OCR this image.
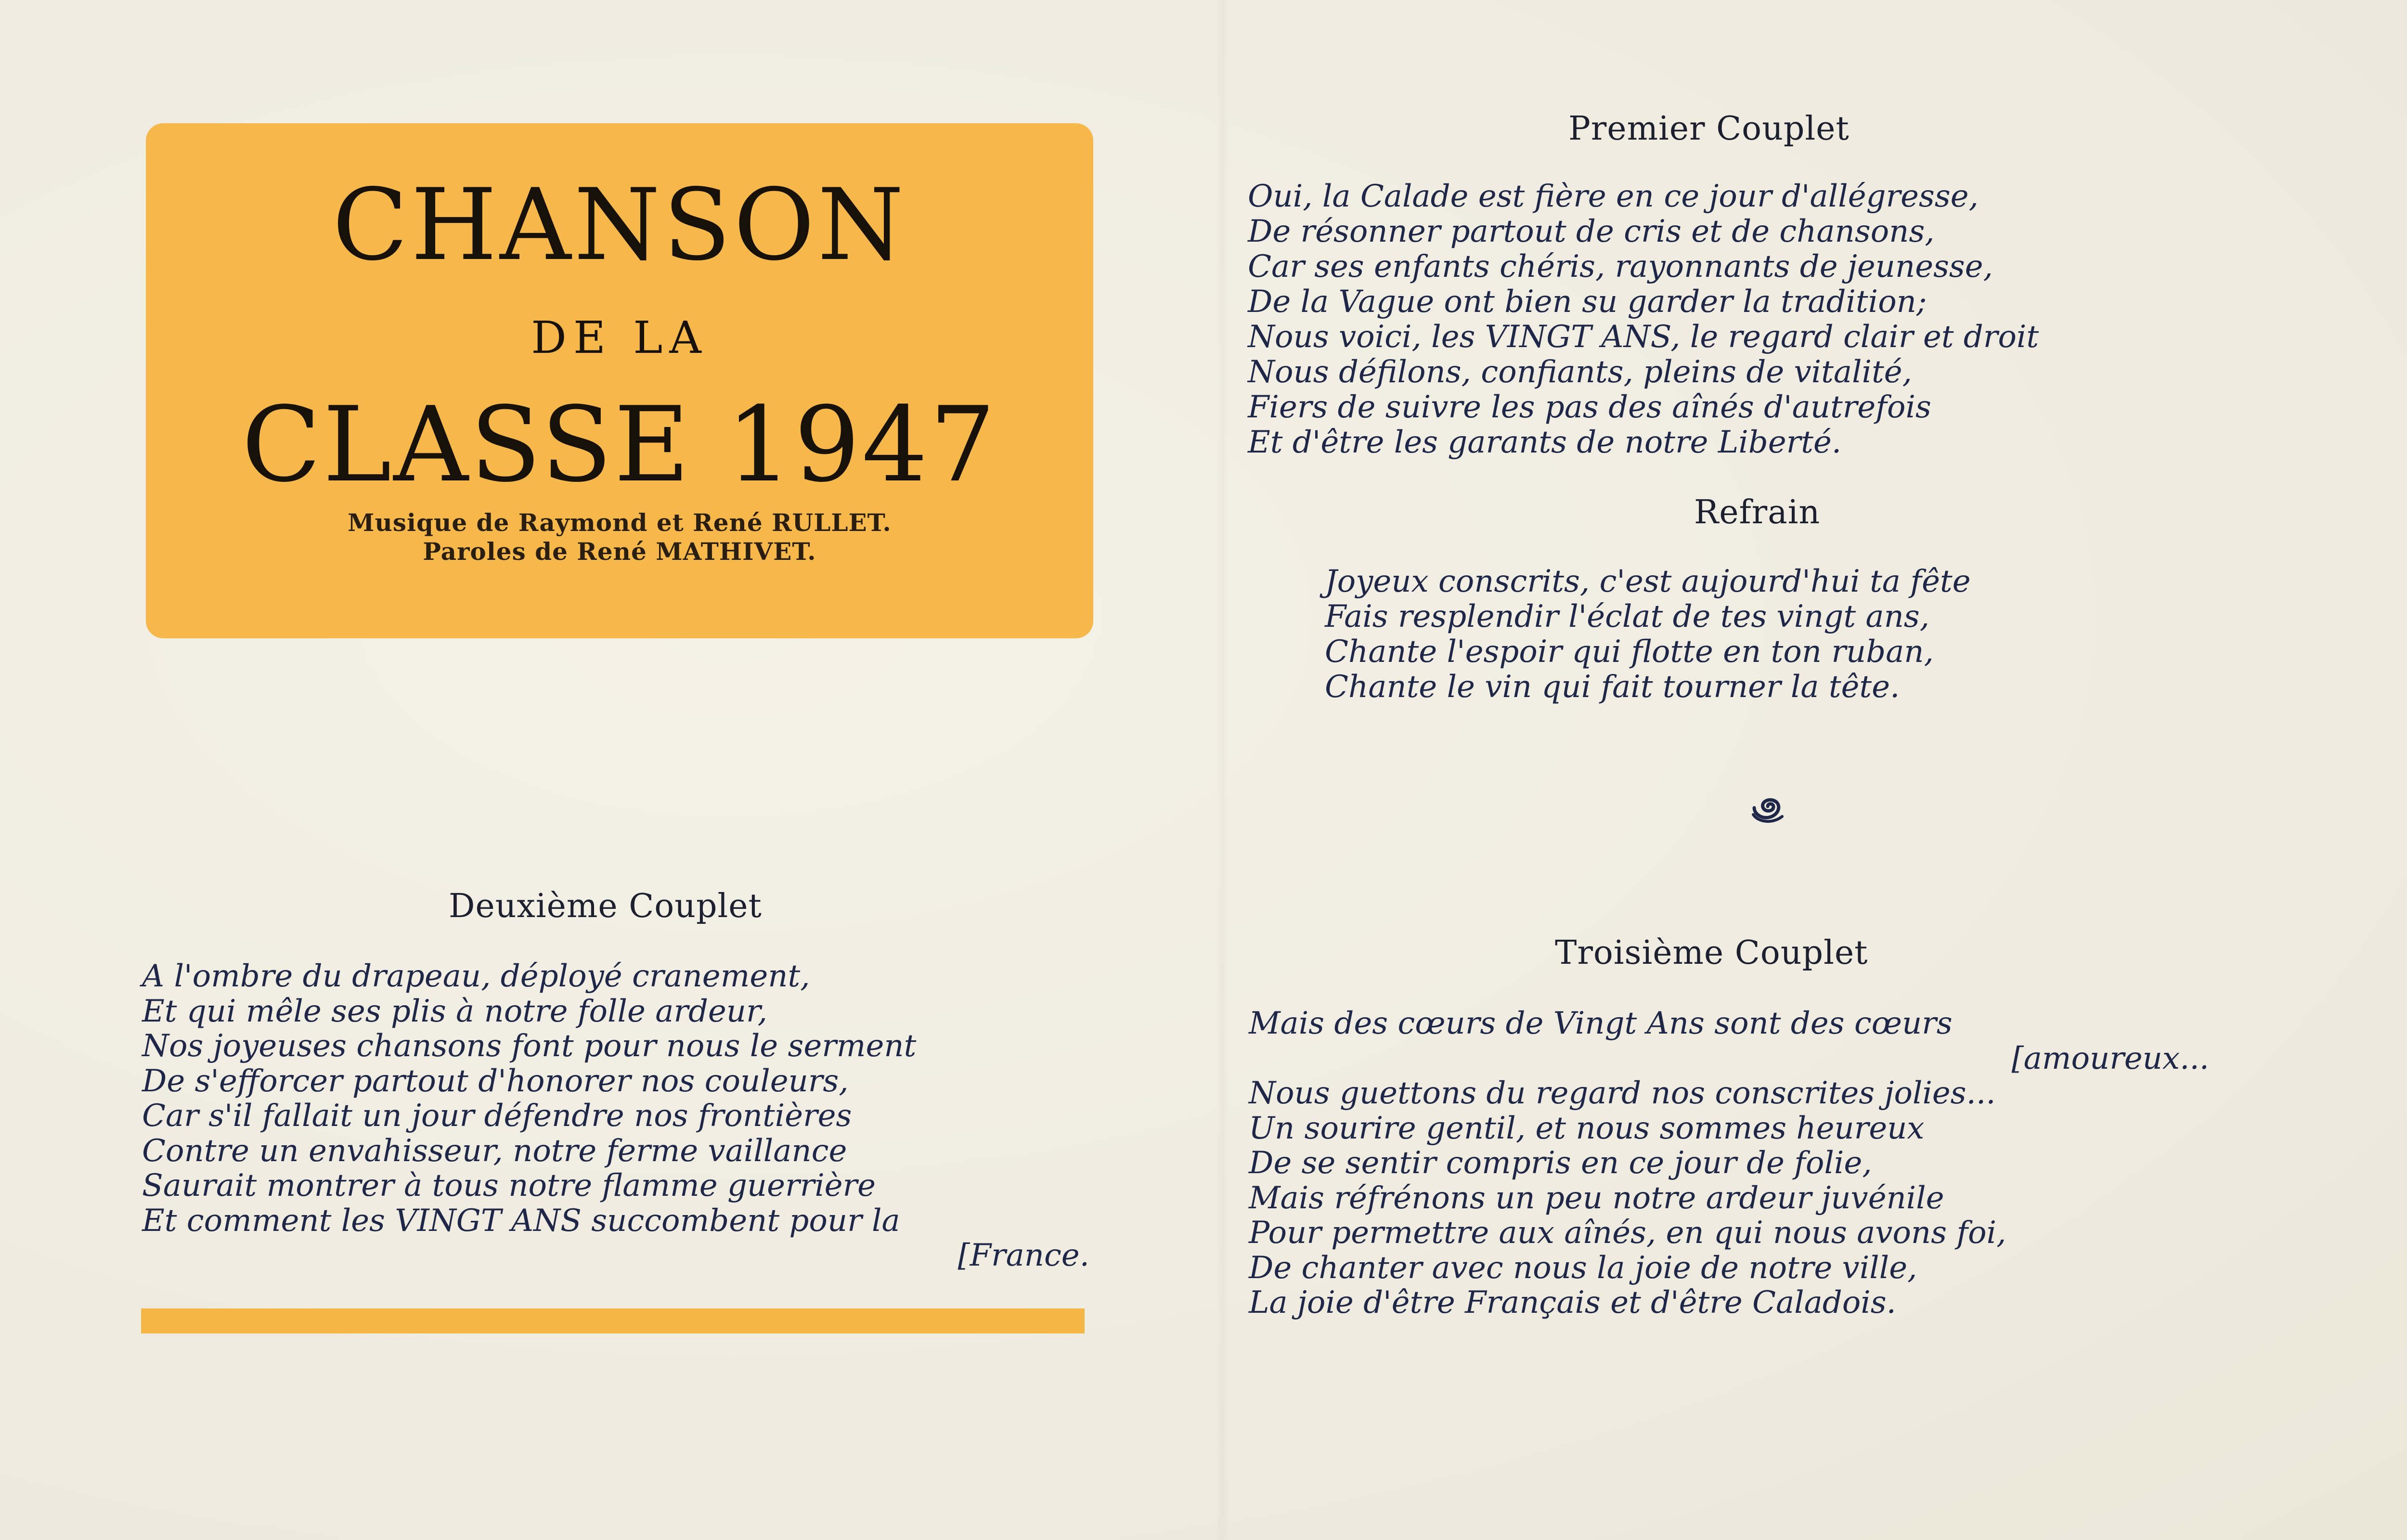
CHANSON
DE LA
CLASSE 1947
Musique de Raymond et René RULLET.
Paroles de René MATHIVET.
Premier Couplet
Oui, la Calade est fière en ce jour d'allégresse,
De résonner partout de cris et de chansons,
Car ses enfants chéris, rayonnants de jeunesse,
De la Vague ont bien su garder la tradition;
Nous voici, les VINGT ANS, le regard clair et droit
Nous défilons, confiants, pleins de vitalité,
Fiers de suivre les pas des aînés d'autrefois
Et d'être les garants de notre Liberté.
Refrain
Joyeux conscrits, c'est aujourd'hui ta fête
Fais resplendir l'éclat de tes vingt ans,
Chante l'espoir qui flotte en ton ruban,
Chante le vin qui fait tourner la tête.
Deuxième Couplet
A l'ombre du drapeau, déployé cranement,
Et qui mêle ses plis à notre folle ardeur,
Nos joyeuses chansons font pour nous le serment
De s'efforcer partout d'honorer nos couleurs,
Car s'il fallait un jour défendre nos frontières
Contre un envahisseur, notre ferme vaillance
Saurait montrer à tous notre flamme guerrière
Et comment les VINGT ANS succombent pour la
[France.
Troisième Couplet
Mais des cœurs de Vingt Ans sont des cœurs
[amoureux...
Nous guettons du regard nos conscrites jolies...
Un sourire gentil, et nous sommes heureux
De se sentir compris en ce jour de folie,
Mais réfrénons un peu notre ardeur juvénile
Pour permettre aux aînés, en qui nous avons foi,
De chanter avec nous la joie de notre ville,
La joie d'être Français et d'être Caladois.
